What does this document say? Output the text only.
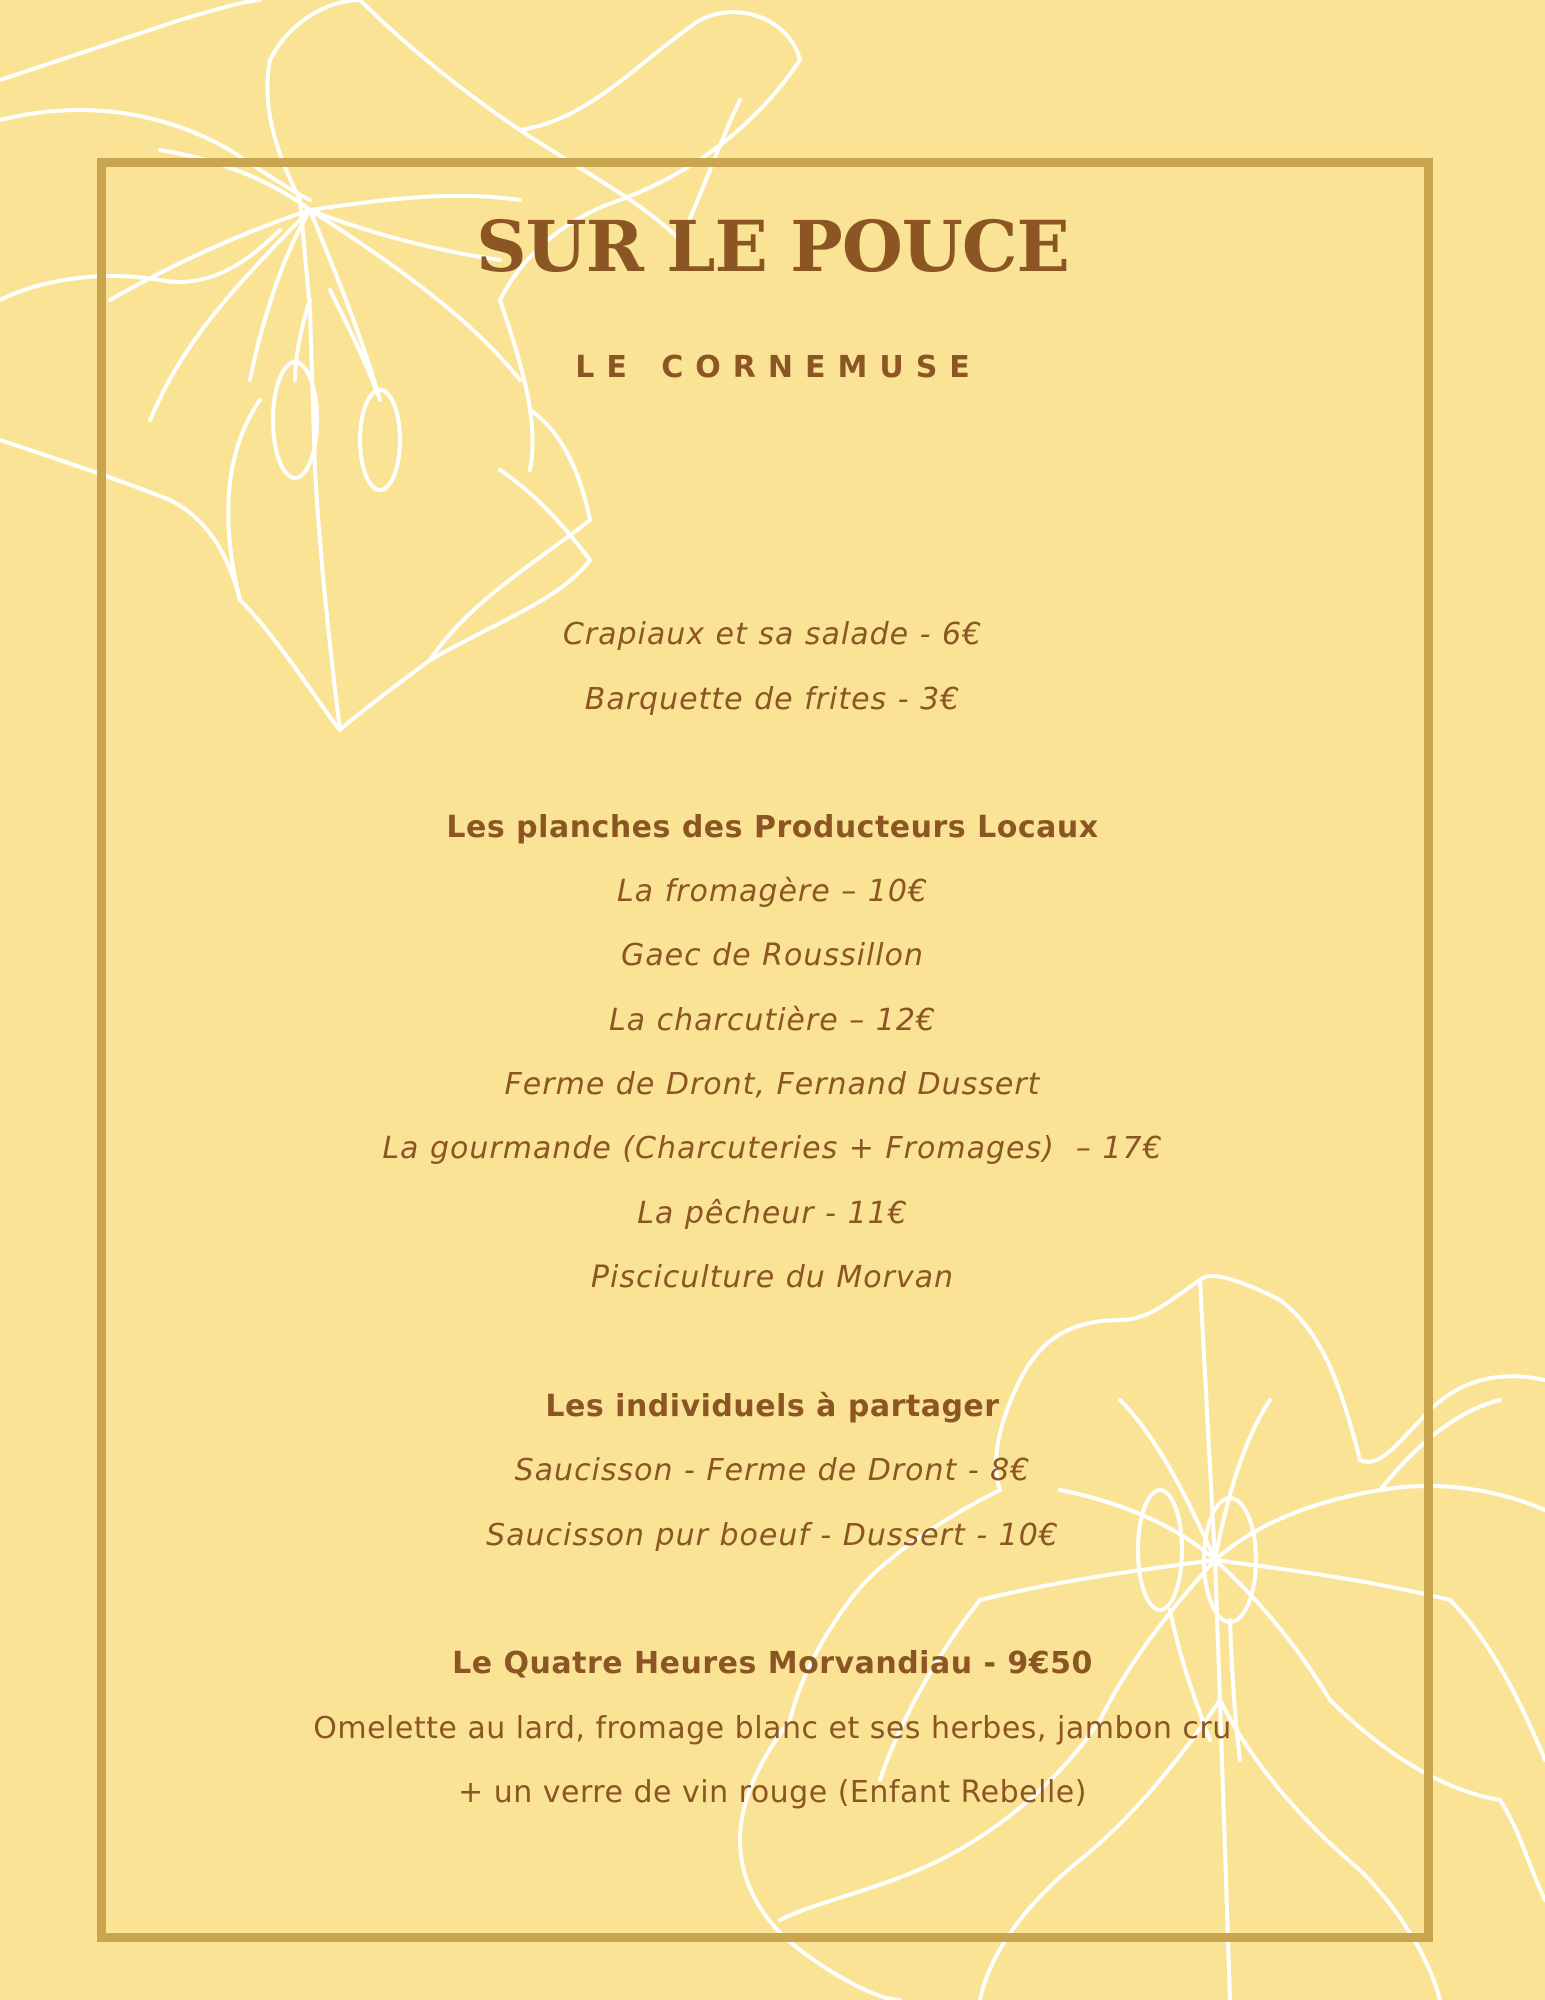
SUR LE POUCE
LE CORNEMUSE
Crapiaux et sa salade - 6€
Barquette de frites - 3€
Les planches des Producteurs Locaux
La fromagère – 10€
Gaec de Roussillon
La charcutière – 12€
Ferme de Dront, Fernand Dussert
La gourmande (Charcuteries + Fromages)  – 17€
La pêcheur - 11€
Pisciculture du Morvan
Les individuels à partager
Saucisson - Ferme de Dront - 8€
Saucisson pur boeuf - Dussert - 10€
Le Quatre Heures Morvandiau - 9€50
Omelette au lard, fromage blanc et ses herbes, jambon cru
+ un verre de vin rouge (Enfant Rebelle)
